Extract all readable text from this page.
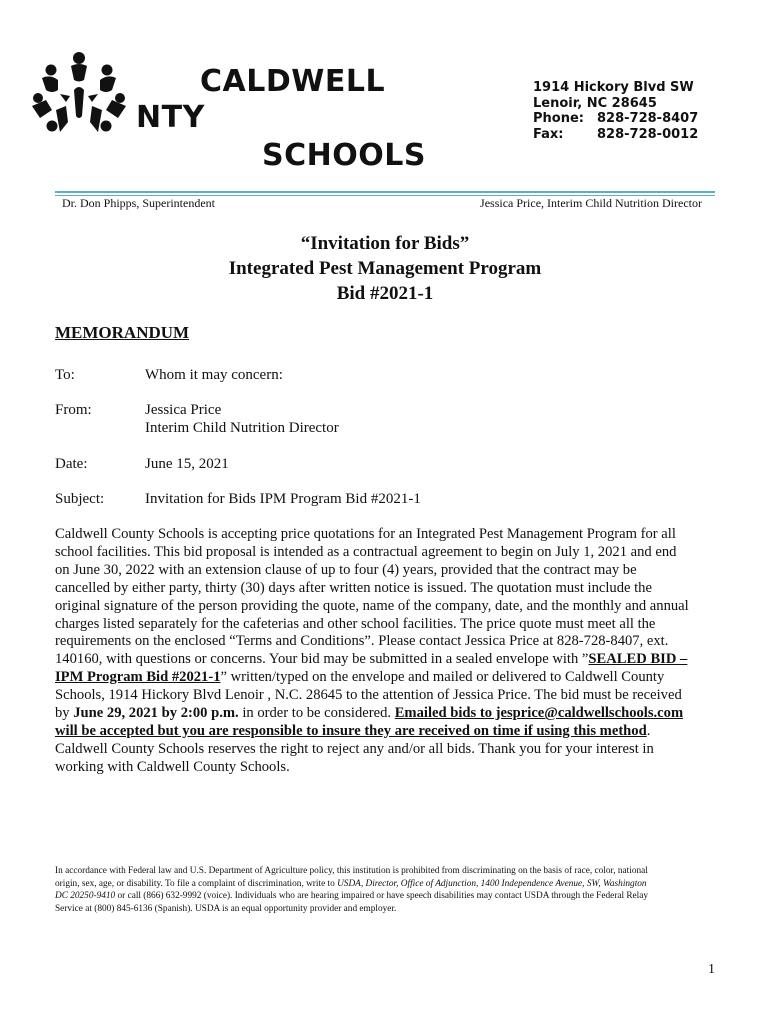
CALDWELL
NTY
SCHOOLS
1914 Hickory Blvd SW
Lenoir, NC 28645
Phone: 828-728-8407
Fax:	828-728-0012
Dr. Don Phipps, Superintendent	Jessica Price, Interim Child Nutrition Director
“Invitation for Bids”
Integrated Pest Management Program
Bid #2021-1
MEMORANDUM
To:	Whom it may concern:
From:	Jessica Price
Interim Child Nutrition Director
Date:	June 15, 2021
Subject:	Invitation for Bids IPM Program Bid #2021-1
Caldwell County Schools is accepting price quotations for an Integrated Pest Management Program for all
school facilities. This bid proposal is intended as a contractual agreement to begin on July 1, 2021 and end
on June 30, 2022 with an extension clause of up to four (4) years, provided that the contract may be
cancelled by either party, thirty (30) days after written notice is issued. The quotation must include the
original signature of the person providing the quote, name of the company, date, and the monthly and annual
charges listed separately for the cafeterias and other school facilities. The price quote must meet all the
requirements on the enclosed “Terms and Conditions”. Please contact Jessica Price at 828-728-8407, ext.
140160, with questions or concerns. Your bid may be submitted in a sealed envelope with ”SEALED BID –
IPM Program Bid #2021-1” written/typed on the envelope and mailed or delivered to Caldwell County
Schools, 1914 Hickory Blvd Lenoir , N.C. 28645 to the attention of Jessica Price. The bid must be received
by June 29, 2021 by 2:00 p.m. in order to be considered. Emailed bids to jesprice@caldwellschools.com
will be accepted but you are responsible to insure they are received on time if using this method.
Caldwell County Schools reserves the right to reject any and/or all bids. Thank you for your interest in
working with Caldwell County Schools.
In accordance with Federal law and U.S. Department of Agriculture policy, this institution is prohibited from discriminating on the basis of race, color, national
origin, sex, age, or disability. To file a complaint of discrimination, write to USDA, Director, Office of Adjunction, 1400 Independence Avenue, SW, Washington
DC 20250-9410 or call (866) 632-9992 (voice). Individuals who are hearing impaired or have speech disabilities may contact USDA through the Federal Relay
Service at (800) 845-6136 (Spanish). USDA is an equal opportunity provider and employer.
1
